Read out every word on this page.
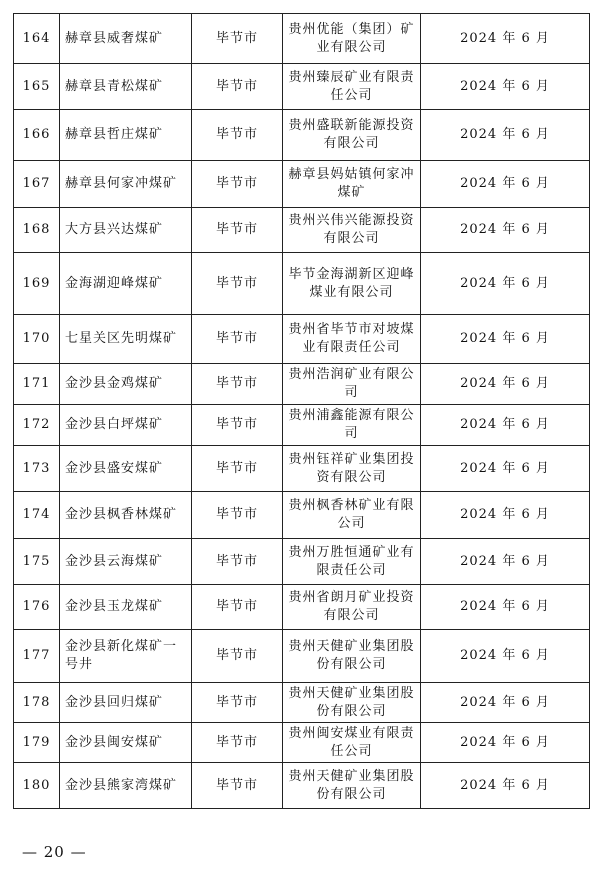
164	赫章县威奢煤矿	毕节市	贵州优能（集团）矿业有限公司	2024 年 6 月
165	赫章县青松煤矿	毕节市	贵州臻辰矿业有限责任公司	2024 年 6 月
166	赫章县哲庄煤矿	毕节市	贵州盛联新能源投资有限公司	2024 年 6 月
167	赫章县何家冲煤矿	毕节市	赫章县妈姑镇何家冲煤矿	2024 年 6 月
168	大方县兴达煤矿	毕节市	贵州兴伟兴能源投资有限公司	2024 年 6 月
169	金海湖迎峰煤矿	毕节市	毕节金海湖新区迎峰煤业有限公司	2024 年 6 月
170	七星关区先明煤矿	毕节市	贵州省毕节市对坡煤业有限责任公司	2024 年 6 月
171	金沙县金鸡煤矿	毕节市	贵州浩润矿业有限公司	2024 年 6 月
172	金沙县白坪煤矿	毕节市	贵州浦鑫能源有限公司	2024 年 6 月
173	金沙县盛安煤矿	毕节市	贵州钰祥矿业集团投资有限公司	2024 年 6 月
174	金沙县枫香林煤矿	毕节市	贵州枫香林矿业有限公司	2024 年 6 月
175	金沙县云海煤矿	毕节市	贵州万胜恒通矿业有限责任公司	2024 年 6 月
176	金沙县玉龙煤矿	毕节市	贵州省朗月矿业投资有限公司	2024 年 6 月
177	金沙县新化煤矿一号井	毕节市	贵州天健矿业集团股份有限公司	2024 年 6 月
178	金沙县回归煤矿	毕节市	贵州天健矿业集团股份有限公司	2024 年 6 月
179	金沙县闽安煤矿	毕节市	贵州闽安煤业有限责任公司	2024 年 6 月
180	金沙县熊家湾煤矿	毕节市	贵州天健矿业集团股份有限公司	2024 年 6 月
— 20 —
